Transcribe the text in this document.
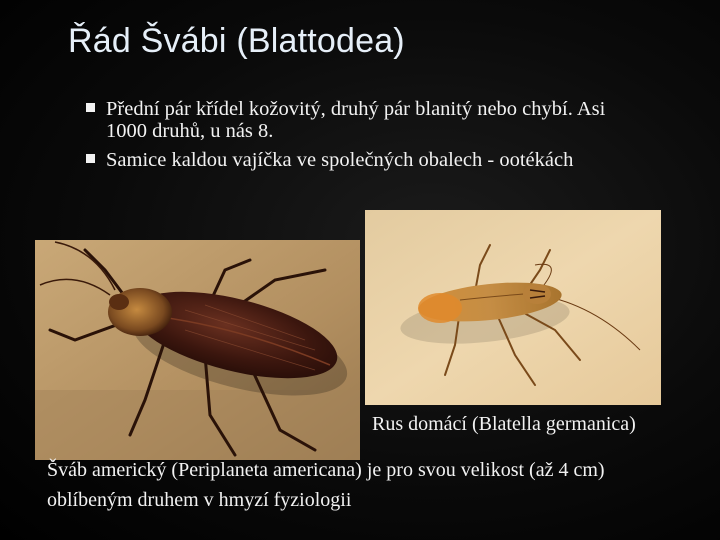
Řád Švábi (Blattodea)
Přední pár křídel kožovitý, druhý pár blanitý nebo chybí. Asi 1000 druhů, u nás 8.
Samice kaldou vajíčka ve společných obalech - ootékách
Rus domácí (Blatella germanica)
Šváb americký (Periplaneta americana) je pro svou velikost (až 4 cm) oblíbeným druhem v hmyzí fyziologii
